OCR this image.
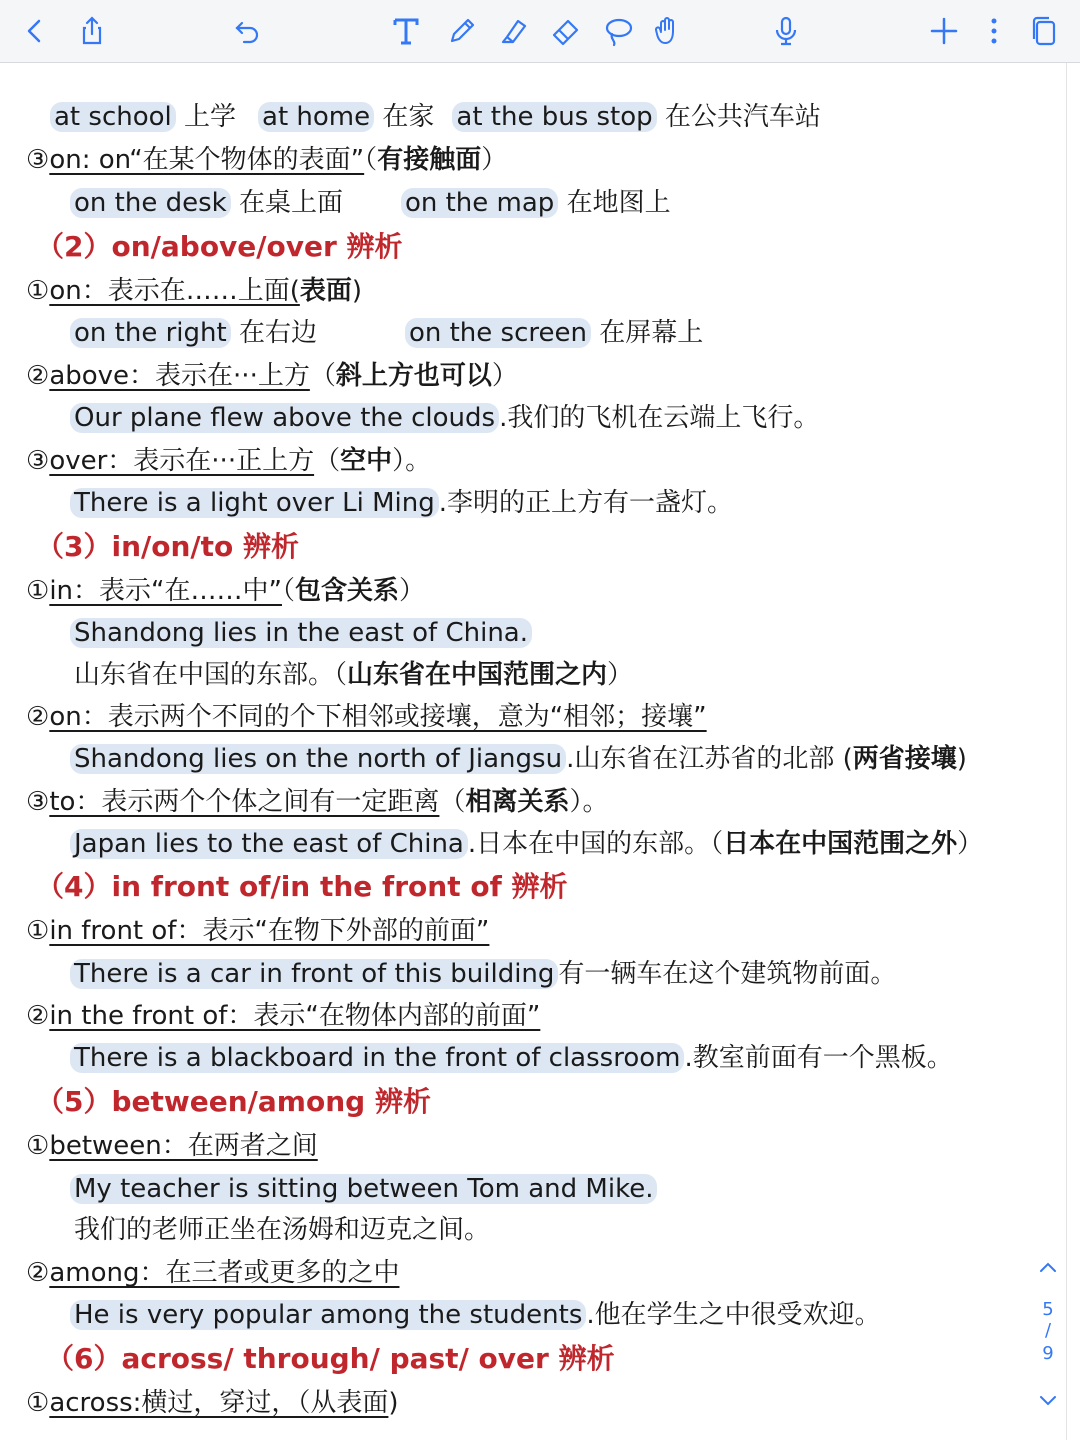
at school 上学 at home 在家 at the bus stop 在公共汽车站
③on: on“在某个物体的表面”（有接触面）
on the desk 在桌上面 on the map 在地图上
（2）on/above/over 辨析
①on：表示在……上面(表面)
on the right 在右边	on the screen 在屏幕上
②above：表示在···上方（斜上方也可以）
Our plane flew above the clouds .我们的飞机在云端上飞行。
③over：表示在···正上方（空中）。
There is a light over Li Ming .李明的正上方有一盏灯。
（3）in/on/to 辨析
①in：表示“在……中”（包含关系）
Shandong lies in the east of China.
山东省在中国的东部。（山东省在中国范围之内）
②on：表示两个不同的个下相邻或接壤，意为“相邻；接壤”
Shandong lies on the north of Jiangsu .山东省在江苏省的北部 (两省接壤)
③to：表示两个个体之间有一定距离（相离关系）。
Japan lies to the east of China .日本在中国的东部。（日本在中国范围之外）
（4）in front of/in the front of 辨析
①in front of：表示“在物下外部的前面”
There is a car in front of this building 有一辆车在这个建筑物前面。
②in the front of：表示“在物体内部的前面”
There is a blackboard in the front of classroom .教室前面有一个黑板。
（5）between/among 辨析
①between：在两者之间
My teacher is sitting between Tom and Mike.
我们的老师正坐在汤姆和迈克之间。
②among：在三者或更多的之中
He is very popular among the students .他在学生之中很受欢迎。
（6）across/ through/ past/ over 辨析
①across:横过，穿过，（从表面)
5
/
9
